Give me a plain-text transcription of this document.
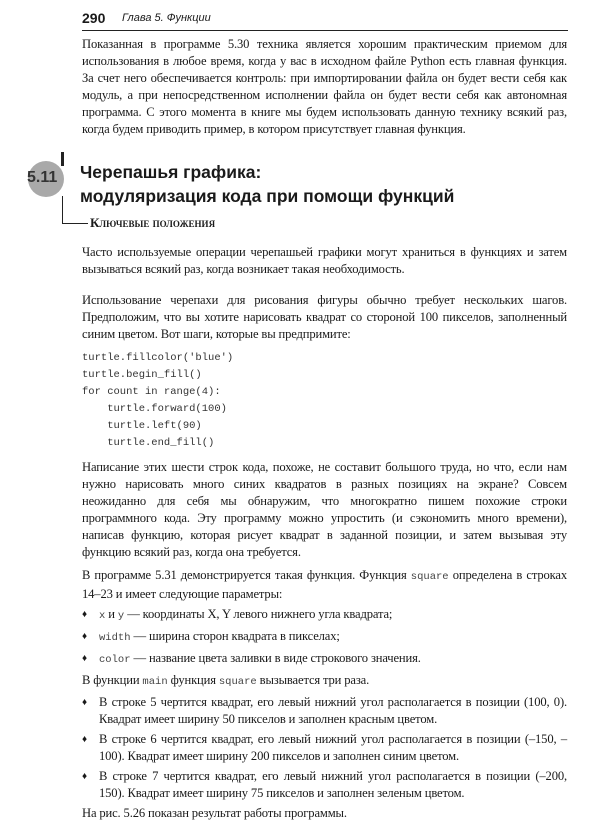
290 Глава 5. Функции
Показанная в программе 5.30 техника является хорошим практическим приемом для использования в любое время, когда у вас в исходном файле Python есть главная функция. За счет него обеспечивается контроль: при импортировании файла он будет вести себя как модуль, а при непосредственном исполнении файла он будет вести себя как автономная программа. С этого момента в книге мы будем использовать данную технику всякий раз, когда будем приводить пример, в котором присутствует главная функция.
5.11 Черепашья графика:
модуляризация кода при помощи функций
Ключевые положения
Часто используемые операции черепашьей графики могут храниться в функциях и затем вызываться всякий раз, когда возникает такая необходимость.
Использование черепахи для рисования фигуры обычно требует нескольких шагов. Предположим, что вы хотите нарисовать квадрат со стороной 100 пикселов, заполненный синим цветом. Вот шаги, которые вы предпримите:
turtle.fillcolor('blue')
turtle.begin_fill()
for count in range(4):
turtle.forward(100)
turtle.left(90)
turtle.end_fill()
Написание этих шести строк кода, похоже, не составит большого труда, но что, если нам нужно нарисовать много синих квадратов в разных позициях на экране? Совсем неожиданно для себя мы обнаружим, что многократно пишем похожие строки программного кода. Эту программу можно упростить (и сэкономить много времени), написав функцию, которая рисует квадрат в заданной позиции, и затем вызывая эту функцию всякий раз, когда она требуется.
В программе 5.31 демонстрируется такая функция. Функция square определена в строках 14–23 и имеет следующие параметры:
♦	x и y — координаты X, Y левого нижнего угла квадрата;
♦	width — ширина сторон квадрата в пикселах;
♦	color — название цвета заливки в виде строкового значения.
В функции main функция square вызывается три раза.
♦ В строке 5 чертится квадрат, его левый нижний угол располагается в позиции (100, 0). Квадрат имеет ширину 50 пикселов и заполнен красным цветом.
♦ В строке 6 чертится квадрат, его левый нижний угол располагается в позиции (–150, –100). Квадрат имеет ширину 200 пикселов и заполнен синим цветом.
♦ В строке 7 чертится квадрат, его левый нижний угол располагается в позиции (–200, 150). Квадрат имеет ширину 75 пикселов и заполнен зеленым цветом.
На рис. 5.26 показан результат работы программы.
